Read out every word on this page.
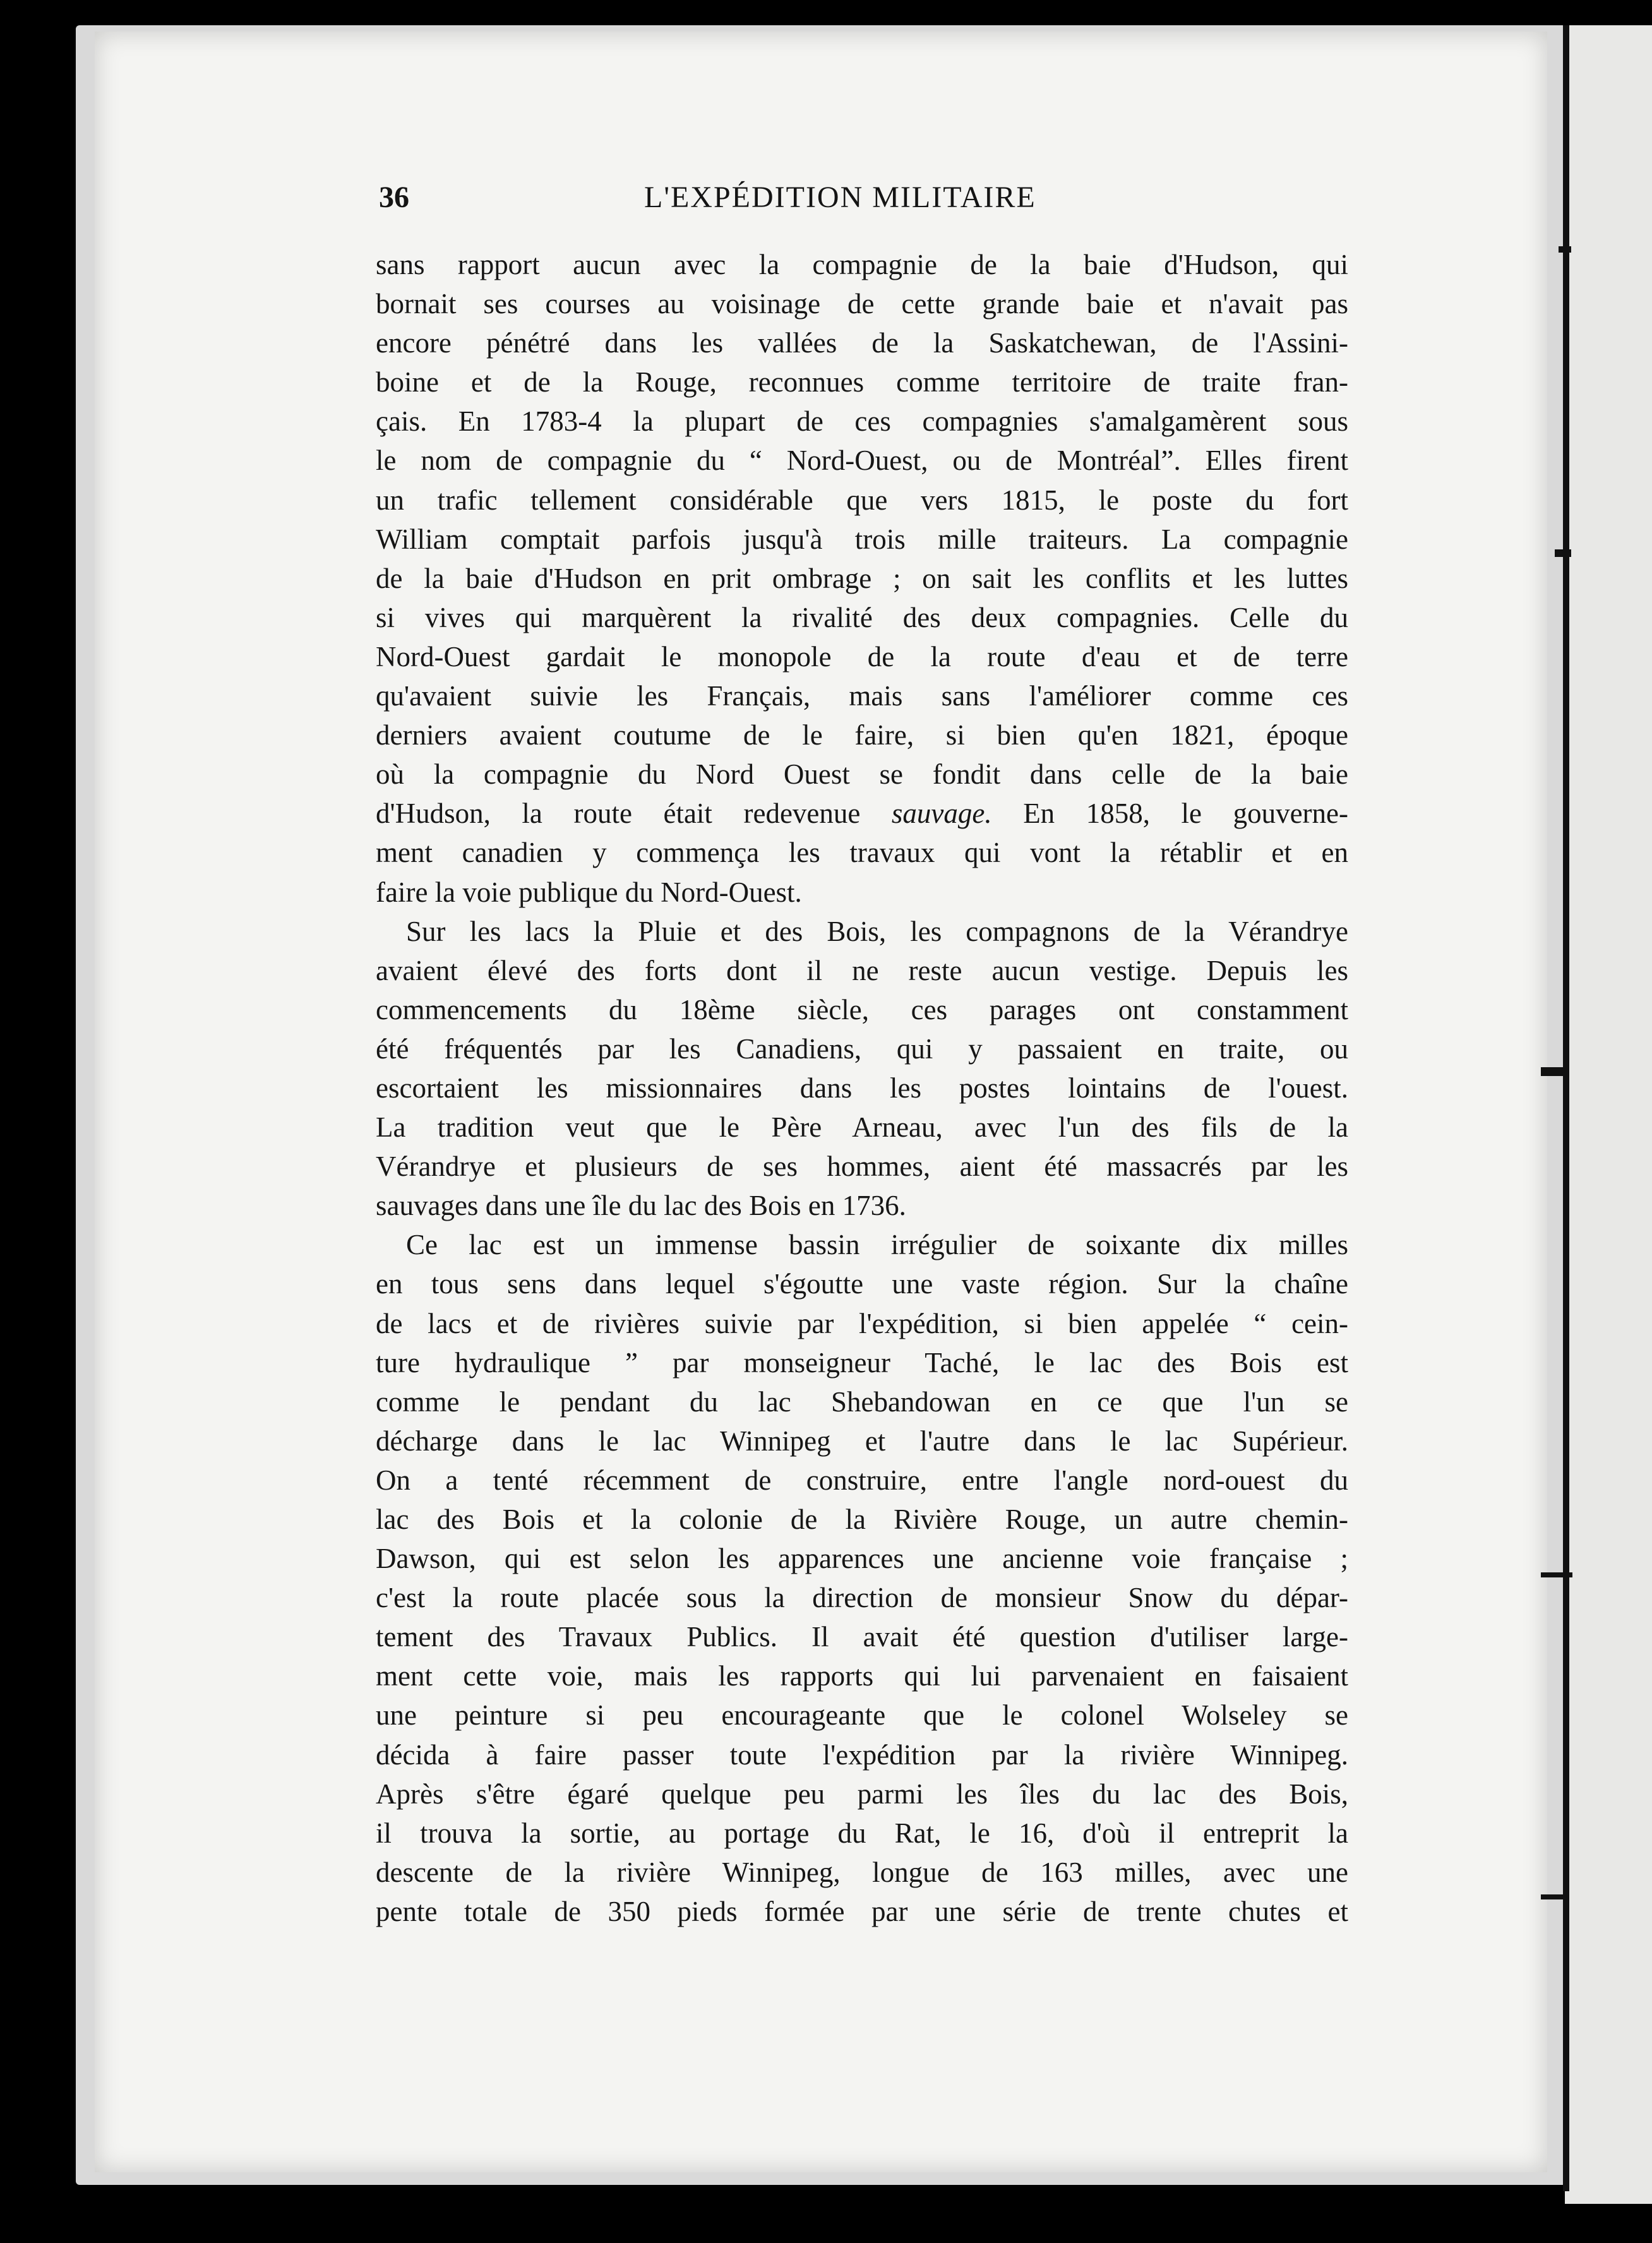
36	L'EXPÉDITION MILITAIRE
sans rapport aucun avec la compagnie de la baie d'Hudson, qui
bornait ses courses au voisinage de cette grande baie et n'avait pas
encore pénétré dans les vallées de la Saskatchewan, de l'Assini-
boine et de la Rouge, reconnues comme territoire de traite fran-
çais. En 1783-4 la plupart de ces compagnies s'amalgamèrent sous
le nom de compagnie du “ Nord-Ouest, ou de Montréal”. Elles firent
un trafic tellement considérable que vers 1815, le poste du fort
William comptait parfois jusqu'à trois mille traiteurs. La compagnie
de la baie d'Hudson en prit ombrage ; on sait les conflits et les luttes
si vives qui marquèrent la rivalité des deux compagnies. Celle du
Nord-Ouest gardait le monopole de la route d'eau et de terre
qu'avaient suivie les Français, mais sans l'améliorer comme ces
derniers avaient coutume de le faire, si bien qu'en 1821, époque
où la compagnie du Nord Ouest se fondit dans celle de la baie
d'Hudson, la route était redevenue sauvage. En 1858, le gouverne-
ment canadien y commença les travaux qui vont la rétablir et en
faire la voie publique du Nord-Ouest.
Sur les lacs la Pluie et des Bois, les compagnons de la Vérandrye
avaient élevé des forts dont il ne reste aucun vestige. Depuis les
commencements du 18ème siècle, ces parages ont constamment
été fréquentés par les Canadiens, qui y passaient en traite, ou
escortaient les missionnaires dans les postes lointains de l'ouest.
La tradition veut que le Père Arneau, avec l'un des fils de la
Vérandrye et plusieurs de ses hommes, aient été massacrés par les
sauvages dans une île du lac des Bois en 1736.
Ce lac est un immense bassin irrégulier de soixante dix milles
en tous sens dans lequel s'égoutte une vaste région. Sur la chaîne
de lacs et de rivières suivie par l'expédition, si bien appelée “ cein-
ture hydraulique ” par monseigneur Taché, le lac des Bois est
comme le pendant du lac Shebandowan en ce que l'un se
décharge dans le lac Winnipeg et l'autre dans le lac Supérieur.
On a tenté récemment de construire, entre l'angle nord-ouest du
lac des Bois et la colonie de la Rivière Rouge, un autre chemin-
Dawson, qui est selon les apparences une ancienne voie française ;
c'est la route placée sous la direction de monsieur Snow du dépar-
tement des Travaux Publics. Il avait été question d'utiliser large-
ment cette voie, mais les rapports qui lui parvenaient en faisaient
une peinture si peu encourageante que le colonel Wolseley se
décida à faire passer toute l'expédition par la rivière Winnipeg.
Après s'être égaré quelque peu parmi les îles du lac des Bois,
il trouva la sortie, au portage du Rat, le 16, d'où il entreprit la
descente de la rivière Winnipeg, longue de 163 milles, avec une
pente totale de 350 pieds formée par une série de trente chutes et
